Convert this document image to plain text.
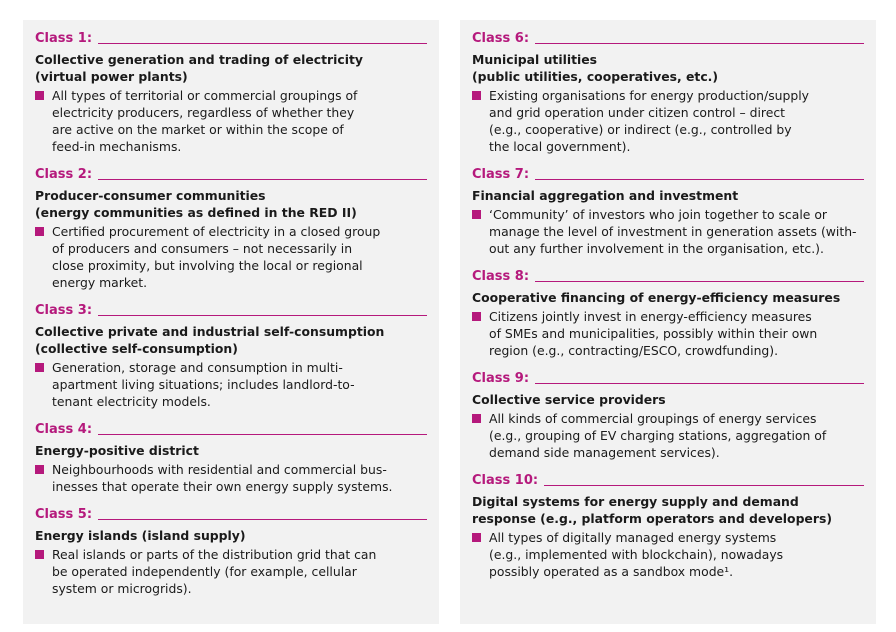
Class 1:
Collective generation and trading of electricity
(virtual power plants)
All types of territorial or commercial groupings of
electricity producers, regardless of whether they
are active on the market or within the scope of
feed-in mechanisms.
Class 2:
Producer-consumer communities
(energy communities as defined in the RED II)
Certified procurement of electricity in a closed group
of producers and consumers – not necessarily in
close proximity, but involving the local or regional
energy market.
Class 3:
Collective private and industrial self-consumption
(collective self-consumption)
Generation, storage and consumption in multi-
apartment living situations; includes landlord-to-
tenant electricity models.
Class 4:
Energy-positive district
Neighbourhoods with residential and commercial bus-
inesses that operate their own energy supply systems.
Class 5:
Energy islands (island supply)
Real islands or parts of the distribution grid that can
be operated independently (for example, cellular
system or microgrids).
Class 6:
Municipal utilities
(public utilities, cooperatives, etc.)
Existing organisations for energy production/supply
and grid operation under citizen control – direct
(e.g., cooperative) or indirect (e.g., controlled by
the local government).
Class 7:
Financial aggregation and investment
‘Community’ of investors who join together to scale or
manage the level of investment in generation assets (with-
out any further involvement in the organisation, etc.).
Class 8:
Cooperative financing of energy-efficiency measures
Citizens jointly invest in energy-efficiency measures
of SMEs and municipalities, possibly within their own
region (e.g., contracting/ESCO, crowdfunding).
Class 9:
Collective service providers
All kinds of commercial groupings of energy services
(e.g., grouping of EV charging stations, aggregation of
demand side management services).
Class 10:
Digital systems for energy supply and demand
response (e.g., platform operators and developers)
All types of digitally managed energy systems
(e.g., implemented with blockchain), nowadays
possibly operated as a sandbox mode¹.
